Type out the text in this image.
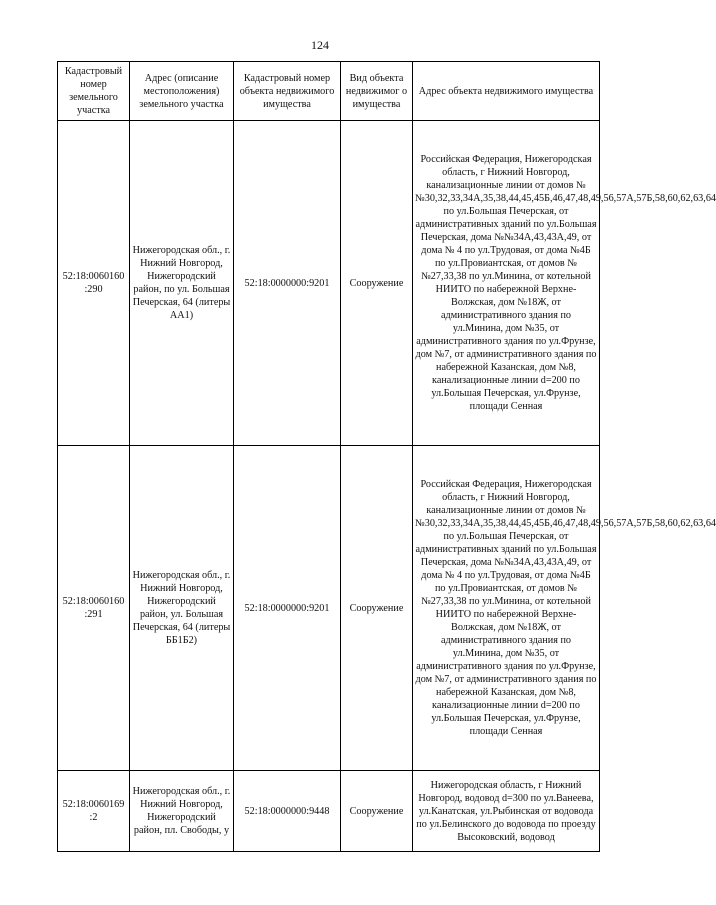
124
Кадастровый номер земельного участка	Адрес (описание местоположения) земельного участка	Кадастровый номер объекта недвижимого имущества	Вид объекта недвижимог о имущества	Адрес объекта недвижимого имущества
52:18:0060160 :290	Нижегородская обл., г. Нижний Новгород, Нижегородский район, по ул. Большая Печерская, 64 (литеры АА1)	52:18:0000000:9201	Сооружение	Российская Федерация, Нижегородская область, г Нижний Новгород, канализационные линии от домов №№30,32,33,34А,35,38,44,45,45Б,46,47,48,49,56,57А,57Б,58,60,62,63,64 по ул.Большая Печерская, от административных зданий по ул.Большая Печерская, дома №№34А,43,43А,49, от дома № 4 по ул.Трудовая, от дома №4Б по ул.Провиантская, от домов №№27,33,38 по ул.Минина, от котельной НИИТО по набережной Верхне-Волжская, дом №18Ж, от административного здания по ул.Минина, дом №35, от административного здания по ул.Фрунзе, дом №7, от административного здания по набережной Казанская, дом №8, канализационные линии d=200 по ул.Большая Печерская, ул.Фрунзе, площади Сенная
52:18:0060160 :291	Нижегородская обл., г. Нижний Новгород, Нижегородский район, ул. Большая Печерская, 64 (литеры ББ1Б2)	52:18:0000000:9201	Сооружение	Российская Федерация, Нижегородская область, г Нижний Новгород, канализационные линии от домов №№30,32,33,34А,35,38,44,45,45Б,46,47,48,49,56,57А,57Б,58,60,62,63,64 по ул.Большая Печерская, от административных зданий по ул.Большая Печерская, дома №№34А,43,43А,49, от дома № 4 по ул.Трудовая, от дома №4Б по ул.Провиантская, от домов №№27,33,38 по ул.Минина, от котельной НИИТО по набережной Верхне-Волжская, дом №18Ж, от административного здания по ул.Минина, дом №35, от административного здания по ул.Фрунзе, дом №7, от административного здания по набережной Казанская, дом №8, канализационные линии d=200 по ул.Большая Печерская, ул.Фрунзе, площади Сенная
52:18:0060169 :2	Нижегородская обл., г. Нижний Новгород, Нижегородский район, пл. Свободы, у	52:18:0000000:9448	Сооружение	Нижегородская область, г Нижний Новгород, водовод d=300 по ул.Ванеева, ул.Канатская, ул.Рыбинская от водовода по ул.Белинского до водовода по проезду Высоковский, водовод
